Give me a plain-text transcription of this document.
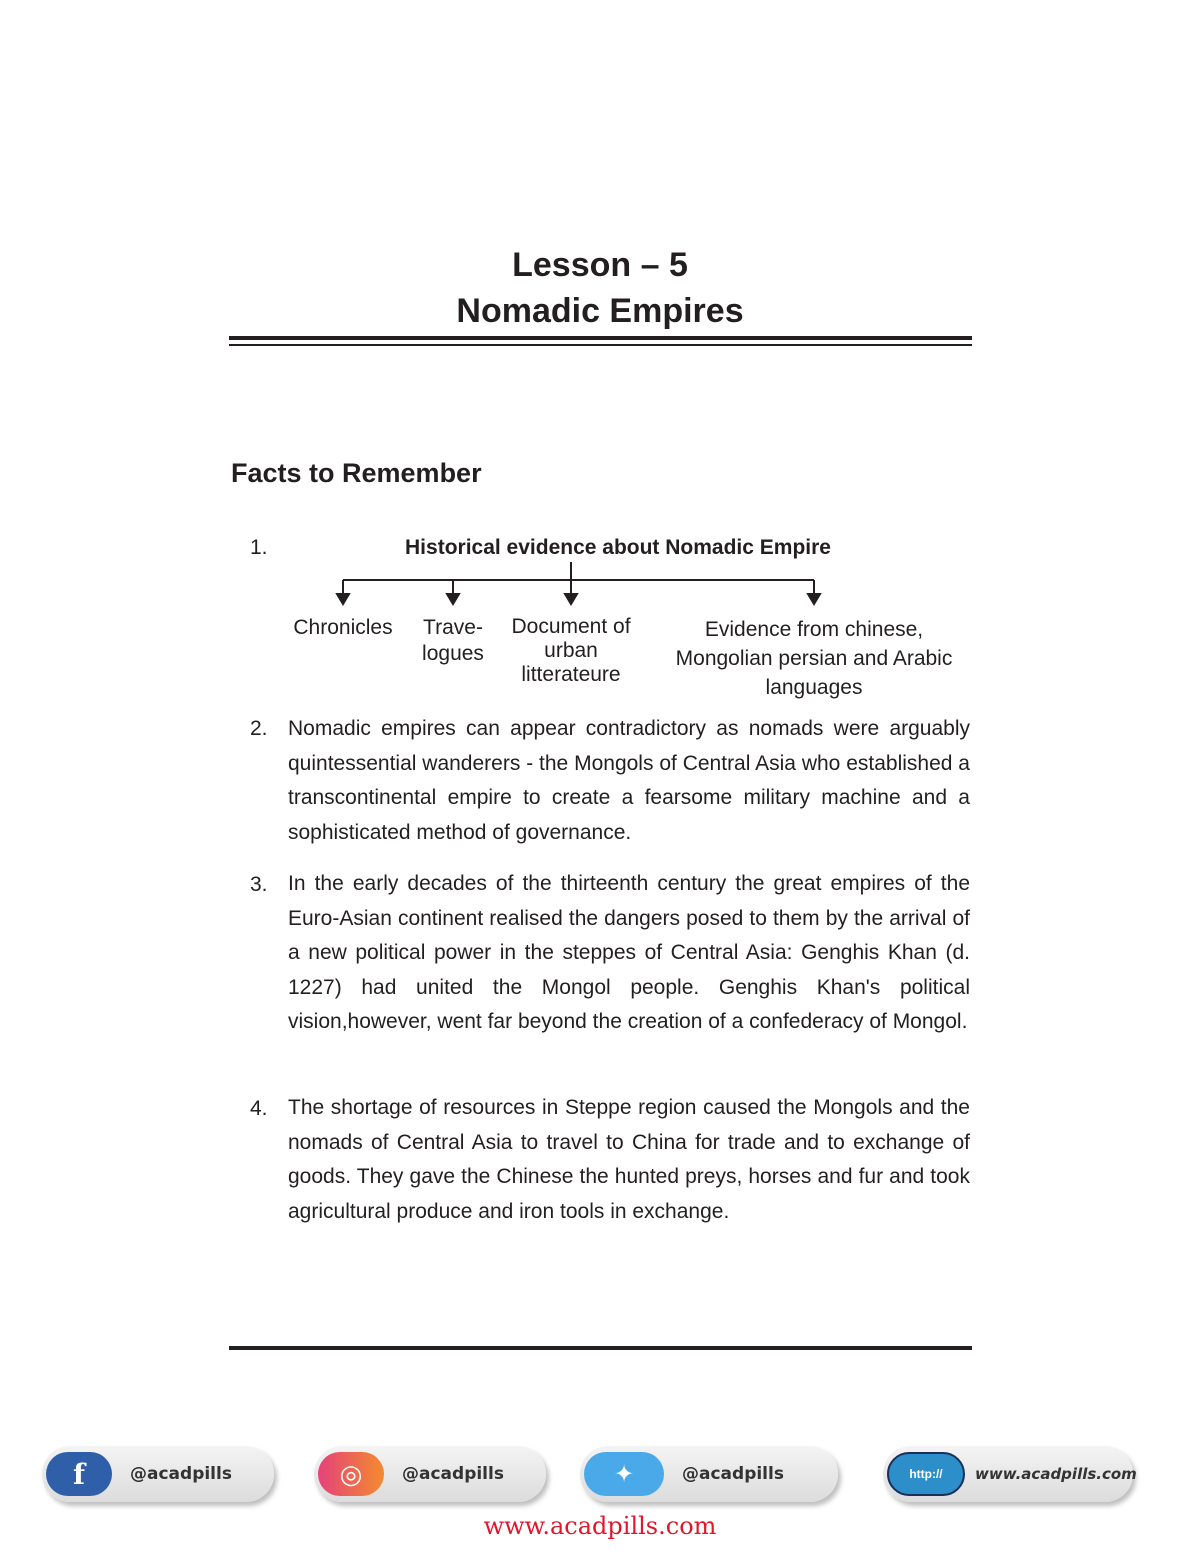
Lesson – 5
Nomadic Empires
Facts to Remember
1.	Historical evidence about Nomadic Empire
Chronicles	Trave-
logues
Document of
urban
litterateure
Evidence from chinese,
Mongolian persian and Arabic
languages
2. Nomadic empires can appear contradictory as nomads were arguably quintessential wanderers - the Mongols of Central Asia who established a transcontinental empire to create a fearsome military machine and a sophisticated method of governance.
3. In the early decades of the thirteenth century the great empires of the Euro-Asian continent realised the dangers posed to them by the arrival of a new political power in the steppes of Central Asia: Genghis Khan (d. 1227) had united the Mongol people. Genghis Khan's political vision,however, went far beyond the creation of a confederacy of Mongol.
4. The shortage of resources in Steppe region caused the Mongols and the nomads of Central Asia to travel to China for trade and to exchange of goods. They gave the Chinese the hunted preys, horses and fur and took agricultural produce and iron tools in exchange.
f	@acadpills	◎	@acadpills	✦	@acadpills	http://	www.acadpills.com
www.acadpills.com
